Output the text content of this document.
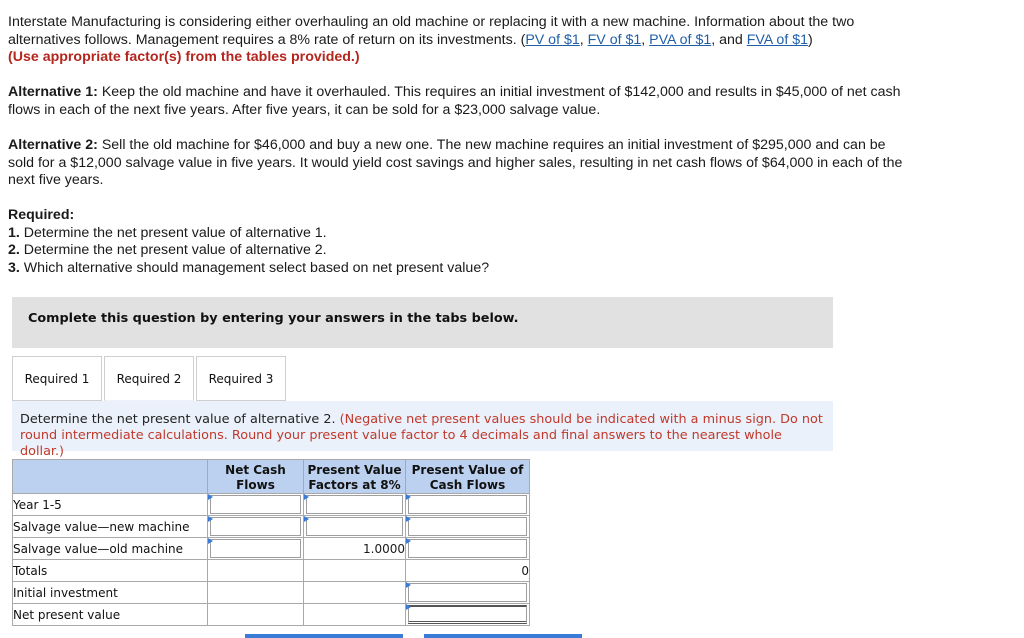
Interstate Manufacturing is considering either overhauling an old machine or replacing it with a new machine. Information about the two alternatives follows. Management requires a 8% rate of return on its investments. (PV of $1, FV of $1, PVA of $1, and FVA of $1)

(Use appropriate factor(s) from the tables provided.)

Alternative 1: Keep the old machine and have it overhauled. This requires an initial investment of $142,000 and results in $45,000 of net cash flows in each of the next five years. After five years, it can be sold for a $23,000 salvage value.

Alternative 2: Sell the old machine for $46,000 and buy a new one. The new machine requires an initial investment of $295,000 and can be sold for a $12,000 salvage value in five years. It would yield cost savings and higher sales, resulting in net cash flows of $64,000 in each of the next five years.

Required:

1. Determine the net present value of alternative 1.

2. Determine the net present value of alternative 2.

3. Which alternative should management select based on net present value?

Complete this question by entering your answers in the tabs below.
Required 1 Required 2 Required 3
Determine the net present value of alternative 2. (Negative net present values should be indicated with a minus sign. Do not round intermediate calculations. Round your present value factor to 4 decimals and final answers to the nearest whole dollar.)
	Net Cash Flows	Present Value Factors at 8%	Present Value of Cash Flows
Year 1-5	

Salvage value—new machine	

Salvage value—old machine		1.0000	

Totals			0
Initial investment			

Net present value			
